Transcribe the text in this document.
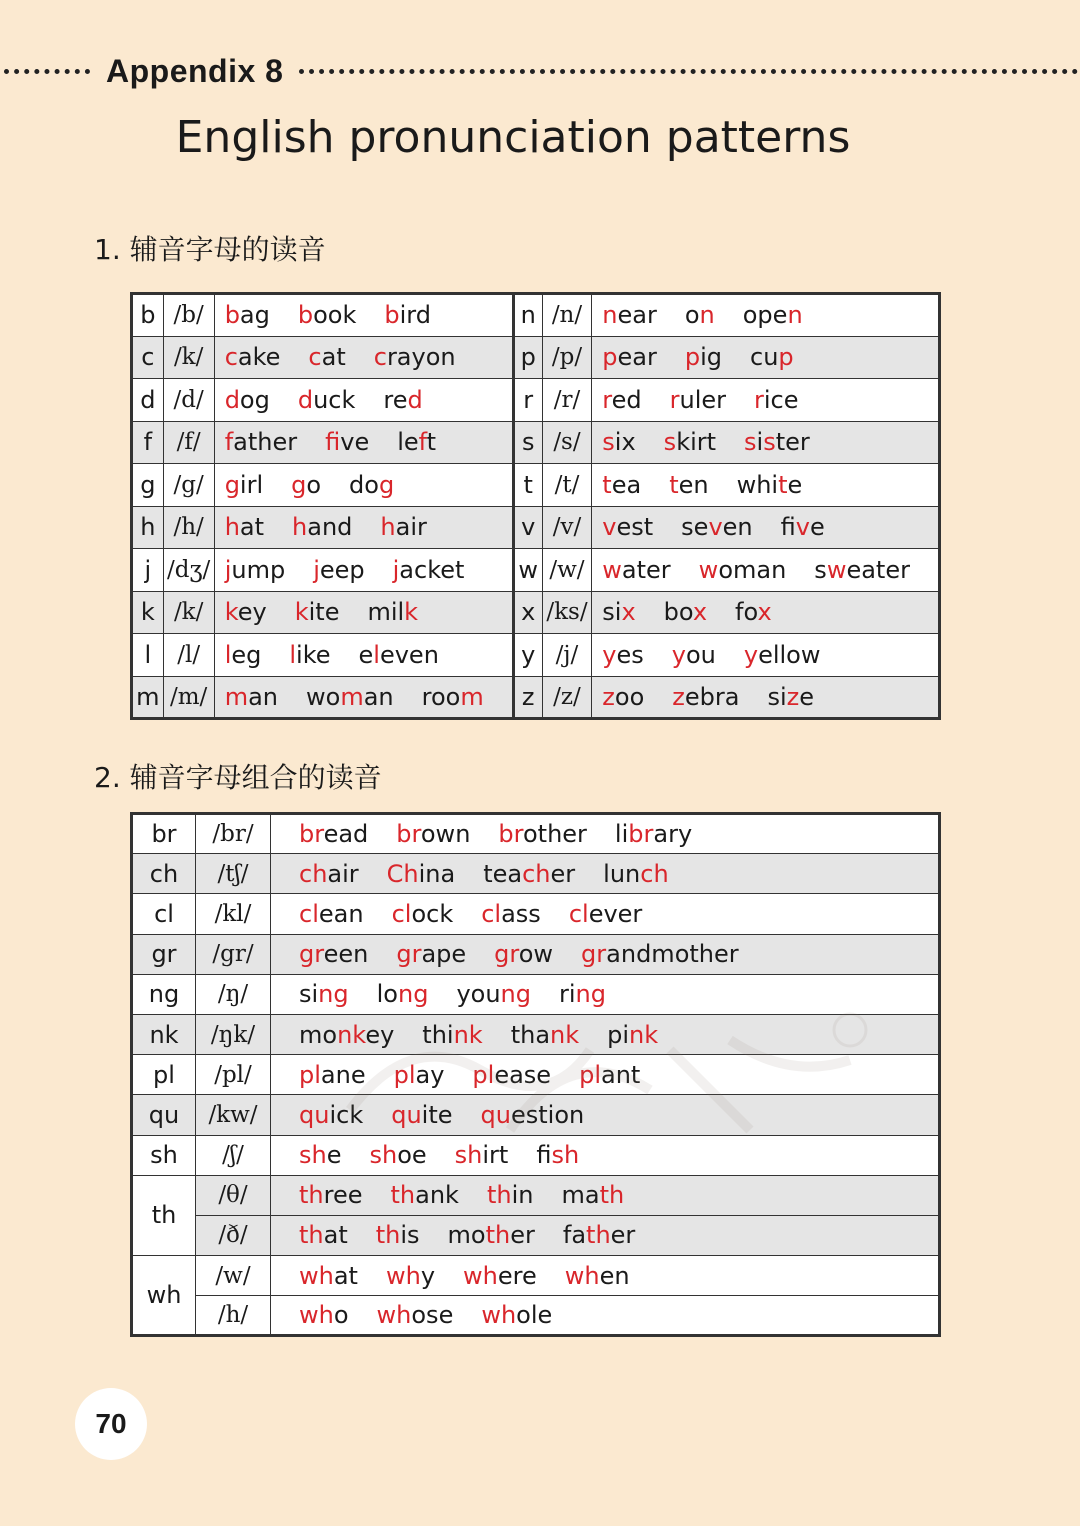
Appendix 8
English pronunciation patterns
1. 辅音字母的读音
b	/b/	bag book bird	n	/n/	near on open
c	/k/	cake cat crayon	p	/p/	pear pig cup
d	/d/	dog duck red	r	/r/	red ruler rice
f	/f/	father five left	s	/s/	six skirt sister
g	/g/	girl go dog	t	/t/	tea ten white
h	/h/	hat hand hair	v	/v/	vest seven five
j	/dʒ/	jump jeep jacket	w	/w/	water woman sweater
k	/k/	key kite milk	x	/ks/	six box fox
l	/l/	leg like eleven	y	/j/	yes you yellow
m	/m/	man woman room	z	/z/	zoo zebra size
2. 辅音字母组合的读音
br	/br/	bread brown brother library
ch	/tʃ/	chair China teacher lunch
cl	/kl/	clean clock class clever
gr	/gr/	green grape grow grandmother
ng	/ŋ/	sing long young ring
nk	/ŋk/	monkey think thank pink
pl	/pl/	plane play please plant
qu	/kw/	quick quite question
sh	/ʃ/	she shoe shirt fish
th	/θ/	three thank thin math
	/ð/	that this mother father
wh	/w/	what why where when
	/h/	who whose whole
70
